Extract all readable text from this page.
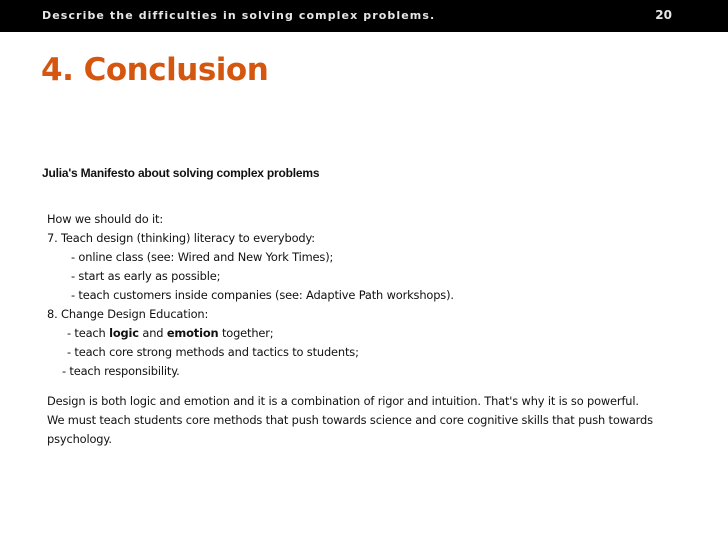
Describe the difficulties in solving complex problems.	20
4. Conclusion
Julia's Manifesto about solving complex problems
How we should do it:
7. Teach design (thinking) literacy to everybody:
- online class (see: Wired and New York Times);
- start as early as possible;
- teach customers inside companies (see: Adaptive Path workshops).
8. Change Design Education:
- teach logic and emotion together;
- teach core strong methods and tactics to students;
- teach responsibility.
Design is both logic and emotion and it is a combination of rigor and intuition. That's why it is so powerful.
We must teach students core methods that push towards science and core cognitive skills that push towards
psychology.
